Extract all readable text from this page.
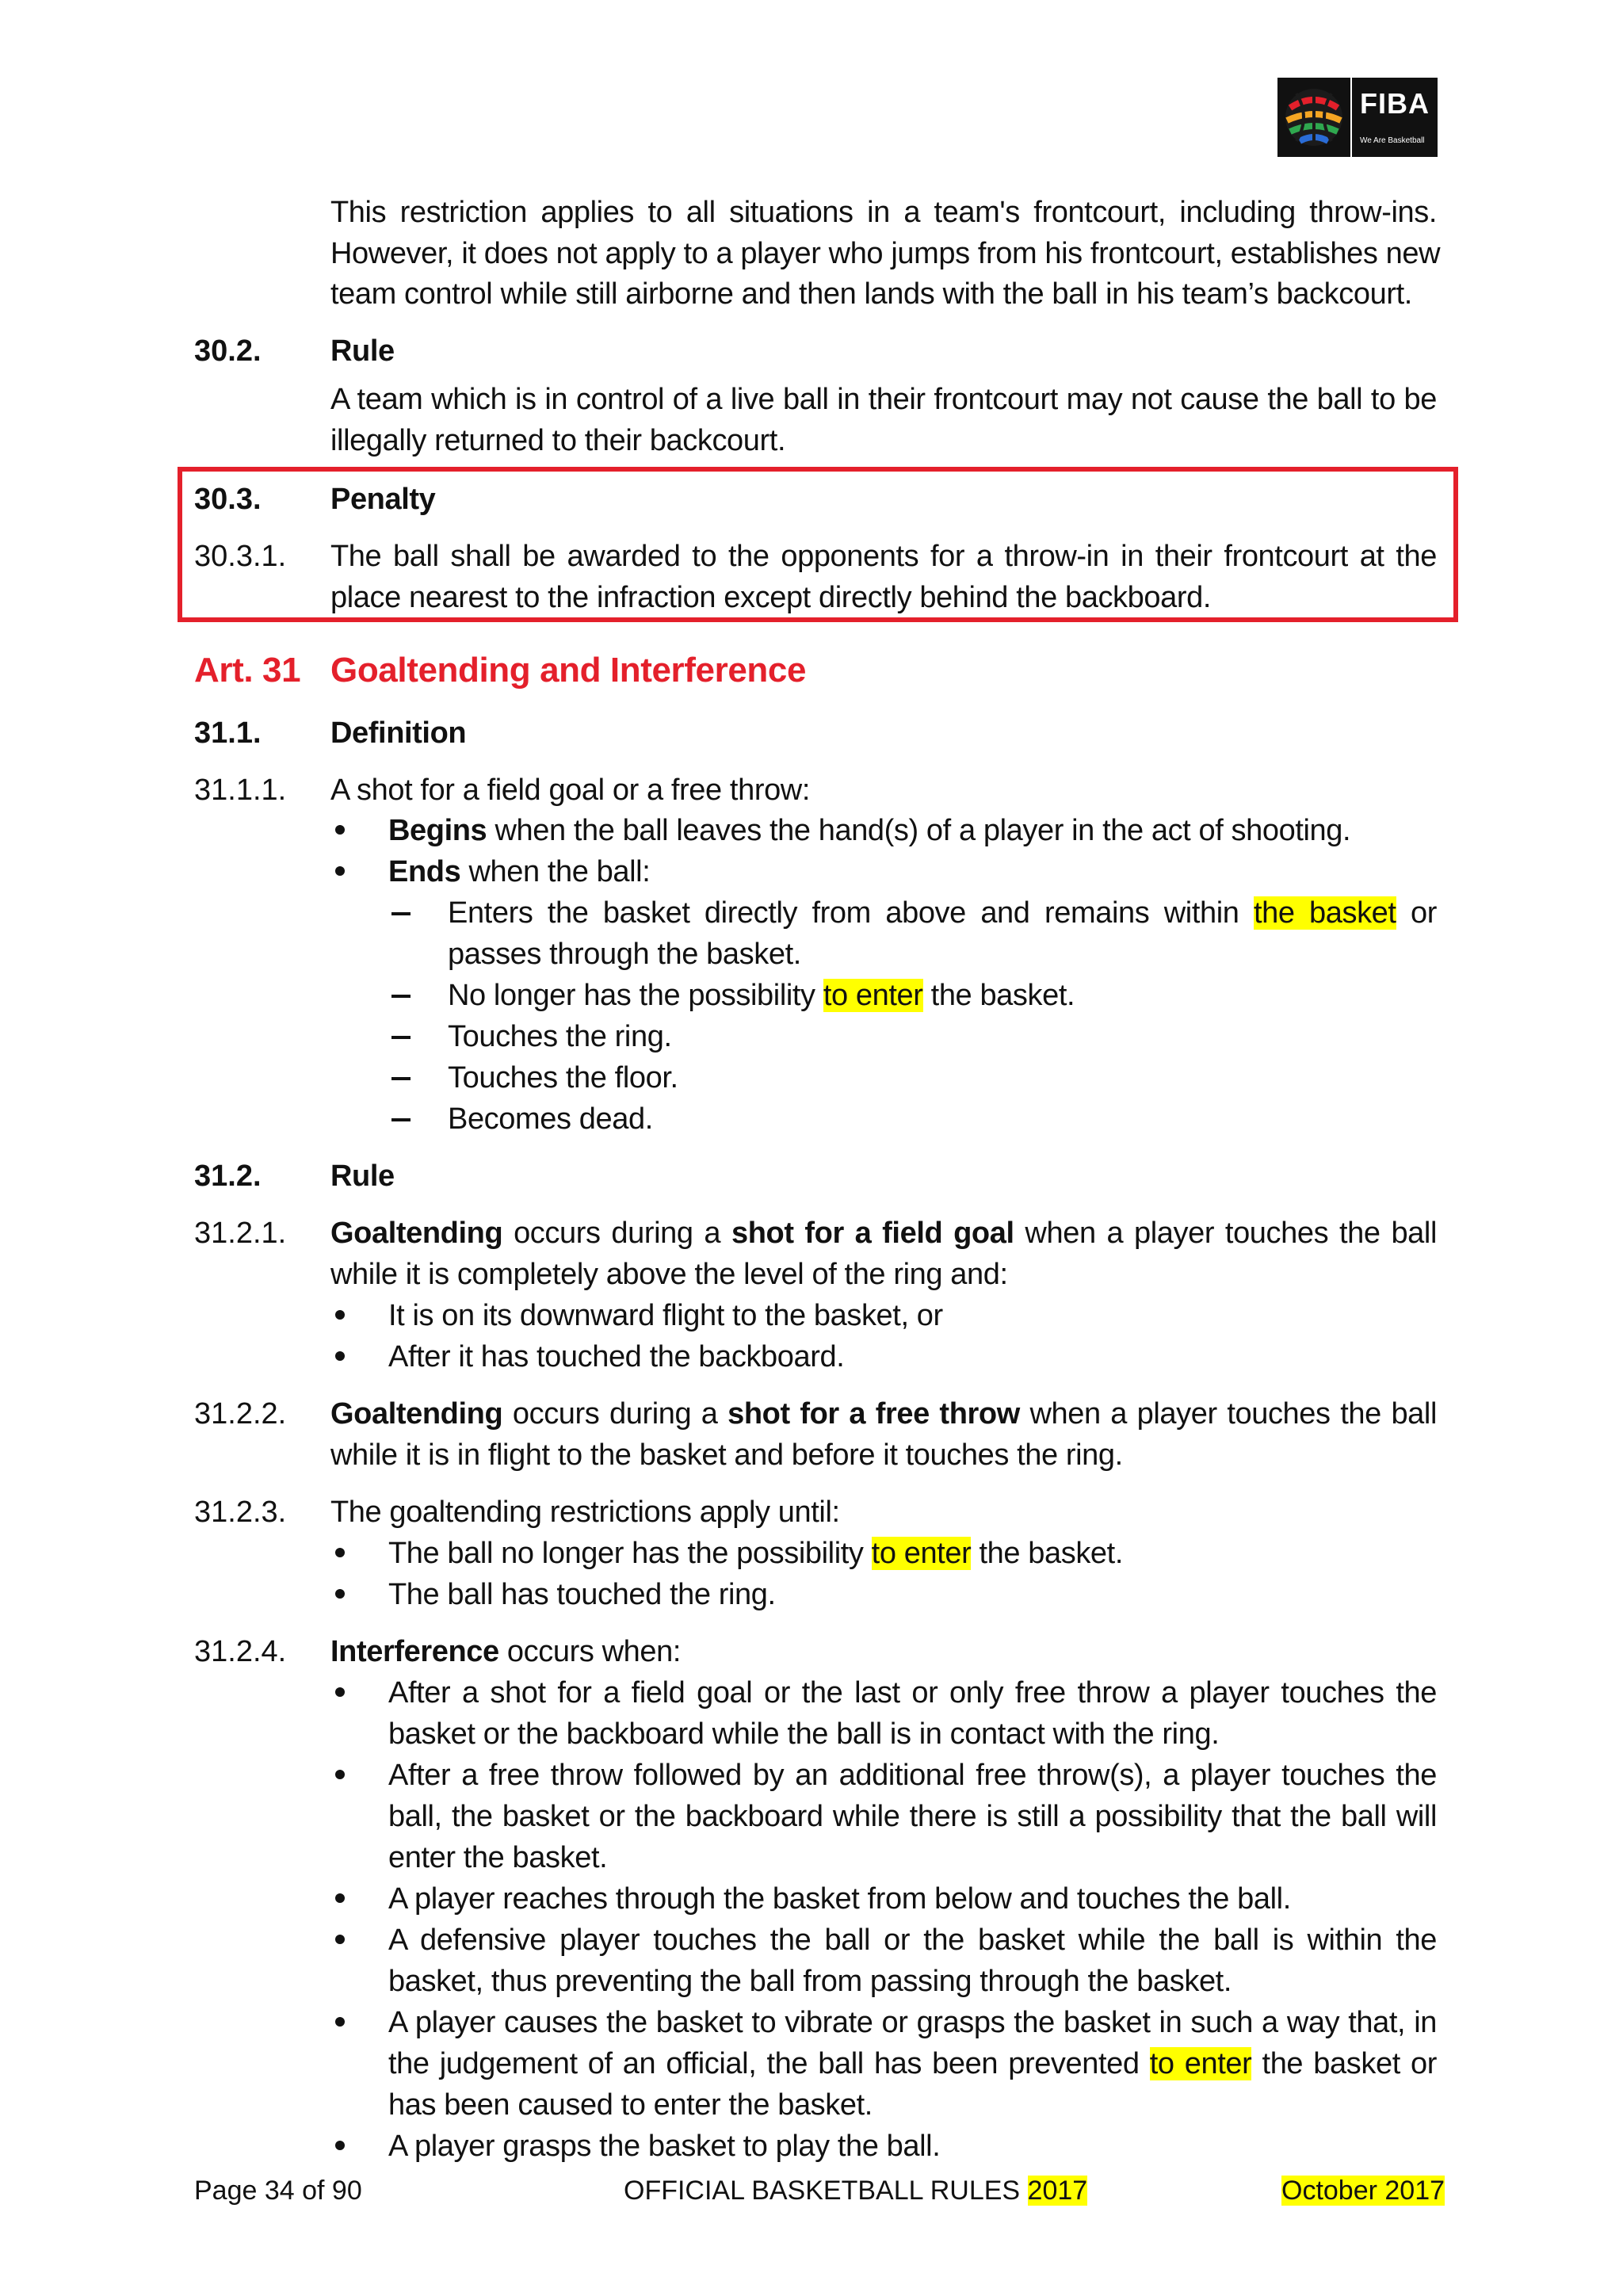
FIBA
We Are Basketball
This restriction applies to all situations in a team's frontcourt, including throw-ins.
However, it does not apply to a player who jumps from his frontcourt, establishes new
team control while still airborne and then lands with the ball in his team’s backcourt.
30.2. Rule
A team which is in control of a live ball in their frontcourt may not cause the ball to be
illegally returned to their backcourt.
30.3. Penalty
30.3.1. The ball shall be awarded to the opponents for a throw-in in their frontcourt at the
place nearest to the infraction except directly behind the backboard.
Art. 31 Goaltending and Interference
31.1. Definition
31.1.1. A shot for a field goal or a free throw:
Begins when the ball leaves the hand(s) of a player in the act of shooting.
Ends when the ball:
Enters the basket directly from above and remains within the basket or
passes through the basket.
No longer has the possibility to enter the basket.
Touches the ring.
Touches the floor.
Becomes dead.
31.2. Rule
31.2.1. Goaltending occurs during a shot for a field goal when a player touches the ball
while it is completely above the level of the ring and:
It is on its downward flight to the basket, or
After it has touched the backboard.
31.2.2. Goaltending occurs during a shot for a free throw when a player touches the ball
while it is in flight to the basket and before it touches the ring.
31.2.3. The goaltending restrictions apply until:
The ball no longer has the possibility to enter the basket.
The ball has touched the ring.
31.2.4. Interference occurs when:
After a shot for a field goal or the last or only free throw a player touches the
basket or the backboard while the ball is in contact with the ring.
After a free throw followed by an additional free throw(s), a player touches the
ball, the basket or the backboard while there is still a possibility that the ball will
enter the basket.
A player reaches through the basket from below and touches the ball.
A defensive player touches the ball or the basket while the ball is within the
basket, thus preventing the ball from passing through the basket.
A player causes the basket to vibrate or grasps the basket in such a way that, in
the judgement of an official, the ball has been prevented to enter the basket or
has been caused to enter the basket.
A player grasps the basket to play the ball.
Page 34 of 90	OFFICIAL BASKETBALL RULES 2017	October 2017
